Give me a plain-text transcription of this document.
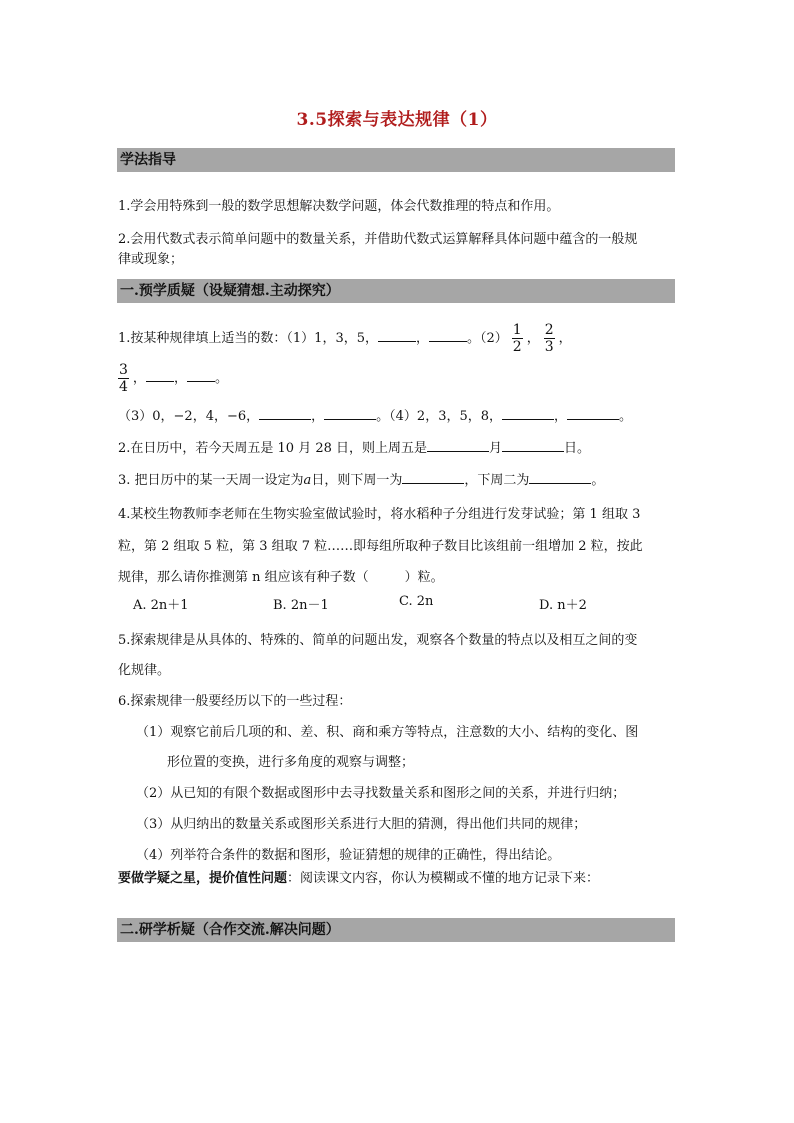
3.5探索与表达规律（1）
学法指导
1.学会用特殊到一般的数学思想解决数学问题，体会代数推理的特点和作用。
2.会用代数式表示简单问题中的数量关系，并借助代数式运算解释具体问题中蕴含的一般规
律或现象；
一.预学质疑（设疑猜想.主动探究）
1.按某种规律填上适当的数：（1）1，3，5，	，	。$(2) \frac{1}{2}$ ， $\frac{2}{3}$ ，
$\frac{3}{4}$ ， ， 。
（3）0，−2，4，−6，	，	。（4）2，3，5，8，	，	。
2.在日历中，若今天周五是 10 月 28 日，则上周五是	月	日。
3. 把日历中的某一天周一设定为a日，则下周一为	，下周二为	。
4.某校生物教师李老师在生物实验室做试验时，将水稻种子分组进行发芽试验；第 1 组取 3
粒，第 2 组取 5 粒，第 3 组取 7 粒……即每组所取种子数目比该组前一组增加 2 粒，按此
规律，那么请你推测第 n 组应该有种子数（	）粒。
A. 2n＋1	B. 2n－1	C. 2n	D. n＋2
5.探索规律是从具体的、特殊的、简单的问题出发，观察各个数量的特点以及相互之间的变
化规律。
6.探索规律一般要经历以下的一些过程：
（1）观察它前后几项的和、差、积、商和乘方等特点，注意数的大小、结构的变化、图
形位置的变换，进行多角度的观察与调整；
（2）从已知的有限个数据或图形中去寻找数量关系和图形之间的关系，并进行归纳；
（3）从归纳出的数量关系或图形关系进行大胆的猜测，得出他们共同的规律；
（4）列举符合条件的数据和图形，验证猜想的规律的正确性，得出结论。
要做学疑之星，提价值性问题：阅读课文内容，你认为模糊或不懂的地方记录下来：
二.研学析疑（合作交流.解决问题）
